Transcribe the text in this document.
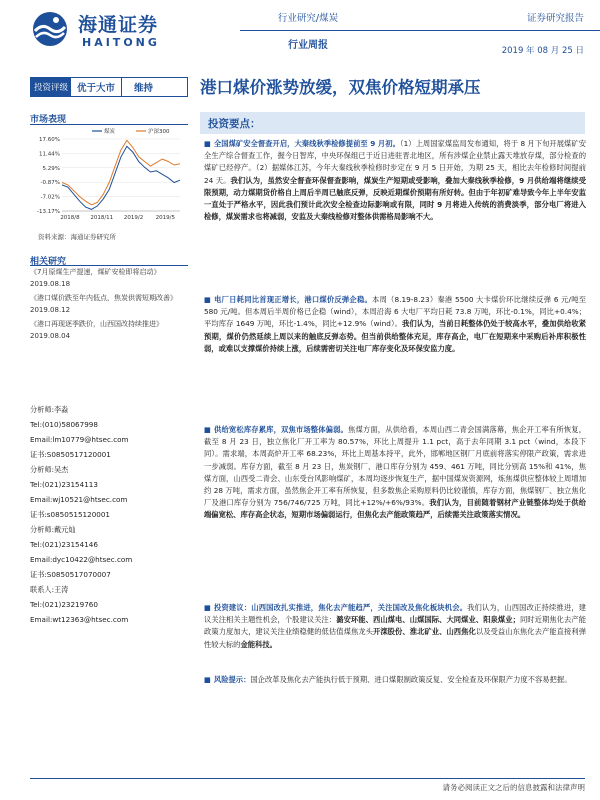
海通证券
HAITONG
行业研究/煤炭
行业周报
证券研究报告
2019 年 08 月 25 日
投资评级 优于大市	维持	港口煤价涨势放缓，双焦价格短期承压
市场表现
17.60%
11.44%
5.29%
-0.87%
-7.02%
-13.17%
2018/8 2018/11 2019/2 2019/5
煤炭	沪深300
资料来源：海通证券研究所
相关研究
《7月原煤生产提速，煤矿安检即将启动》
2019.08.18
《港口煤价跌至年内低点，焦炭供需短期改善》
2019.08.12
《港口再现逐季跌价，山西国改持续推进》
2019.08.04
分析师:李淼
Tel:(010)58067998
Email:lm10779@htsec.com
证书:S0850517120001
分析师:吴杰
Tel:(021)23154113
Email:wj10521@htsec.com
证书:s0850515120001
分析师:戴元灿
Tel:(021)23154146
Email:dyc10422@htsec.com
证书:S0850517070007
联系人:王涛
Tel:(021)23219760
Email:wt12363@htsec.com
投资要点：
■ 全国煤矿安全督查开启，大秦线秋季检修提前至 9 月初。（1）上周国家煤监局发布通知，将于 8 月下旬开展煤矿安全生产综合督查工作，握今日智库，中央环保组已于近日进驻晋北地区，所有涉煤企业禁止露天堆放存煤，部分检查的煤矿已经停产。（2）据媒体江苏，今年大秦线秋季检修时步定在 9 月 5 日开始，为期 25 天，相比去年检修时间提前 24 天。我们认为，虽然安全督查环保督查影响，煤炭生产短期或受影响，叠加大秦线秋季检修，9 月供给端将继续受限预期，动力煤期货价格自上周后半周已触底反弹，反映近期煤价预期有所好转。但由于年初矿难导致今年上半年安监一直处于严格水平，因此我们预计此次安全检查边际影响或有限，同时 9 月将进入传统的消费淡季，部分电厂将进入检修，煤炭需求也将减弱，安监及大秦线检修对整体供需格局影响不大。
■ 电厂日耗同比首现正增长，港口煤价反弹企稳。本周（8.19-8.23）秦港 5500 大卡煤价环比继续反弹 6 元/吨至 580 元/吨。但本周后半周价格已企稳（wind），本周沿海 6 大电厂平均日耗 73.8 万吨，环比-0.1%，同比+0.4%；平均库存 1649 万吨，环比-1.4%，同比+12.9%（wind）。我们认为，当前日耗整体仍处于较高水平，叠加供给收紧预期，煤价仍然延续上周以来的触底反弹态势。但当前供给整体充足，库存高企，电厂在短期来中采购后补库积极性弱，或难以支撑煤价持续上涨，后续需密切关注电厂库存变化及环保安监力度。
■ 供给宽松库存累库，双焦市场整体偏弱。焦煤方面，从供给看，本周山西二青会国满落幕，焦企开工率有所恢复，截至 8 月 23 日，独立焦化厂开工率为 80.57%，环比上周提升 1.1 pct，高于去年同期 3.1 pct（wind，本段下同）。需求端，本周高炉开工率 68.23%，环比上周基本持平，此外，邯郸地区钢厂月底前将落实停限产政策，需求进一步减弱。库存方面，截至 8 月 23 日，焦炭钢厂、港口库存分别为 459、461 万吨，同比分别高 15%和 41%，焦煤方面，山西受二青会、山东受台风影响煤矿，本周均逐步恢复生产，据中国煤炭资源网，炼焦煤供应整体较上周增加约 28 万吨，需求方面，虽然焦企开工率有所恢复，但多数焦企采购原料仍比较谨慎，库存方面，焦煤钢厂、独立焦化厂及港口库存分别为 756/746/725 万吨，同比+12%/+6%/93%。我们认为，目前随着钢材产业链整体均处于供给端偏宽松、库存高企状态，短期市场偏弱运行，但焦化去产能政策趋严，后续需关注政策落实情况。
■ 投资建议：山西国改扎实推进，焦化去产能趋严，关注国改及焦化板块机会。我们认为，山西国改正持续推进，建议关注相关主题性机会，个股建议关注：潞安环能、西山煤电、山煤国际、大同煤业、阳泉煤业；同时近期焦化去产能政策力度加大，建议关注业绩稳健的低估值煤焦龙头开滦股份、淮北矿业、山西焦化以及受益山东焦化去产能直接利弹性较大标的金能科技。
■ 风险提示：国企改革及焦化去产能执行低于预期、进口煤限制政策反复、安全检查及环保限产力度不容易把握。
请务必阅读正文之后的信息披露和法律声明
